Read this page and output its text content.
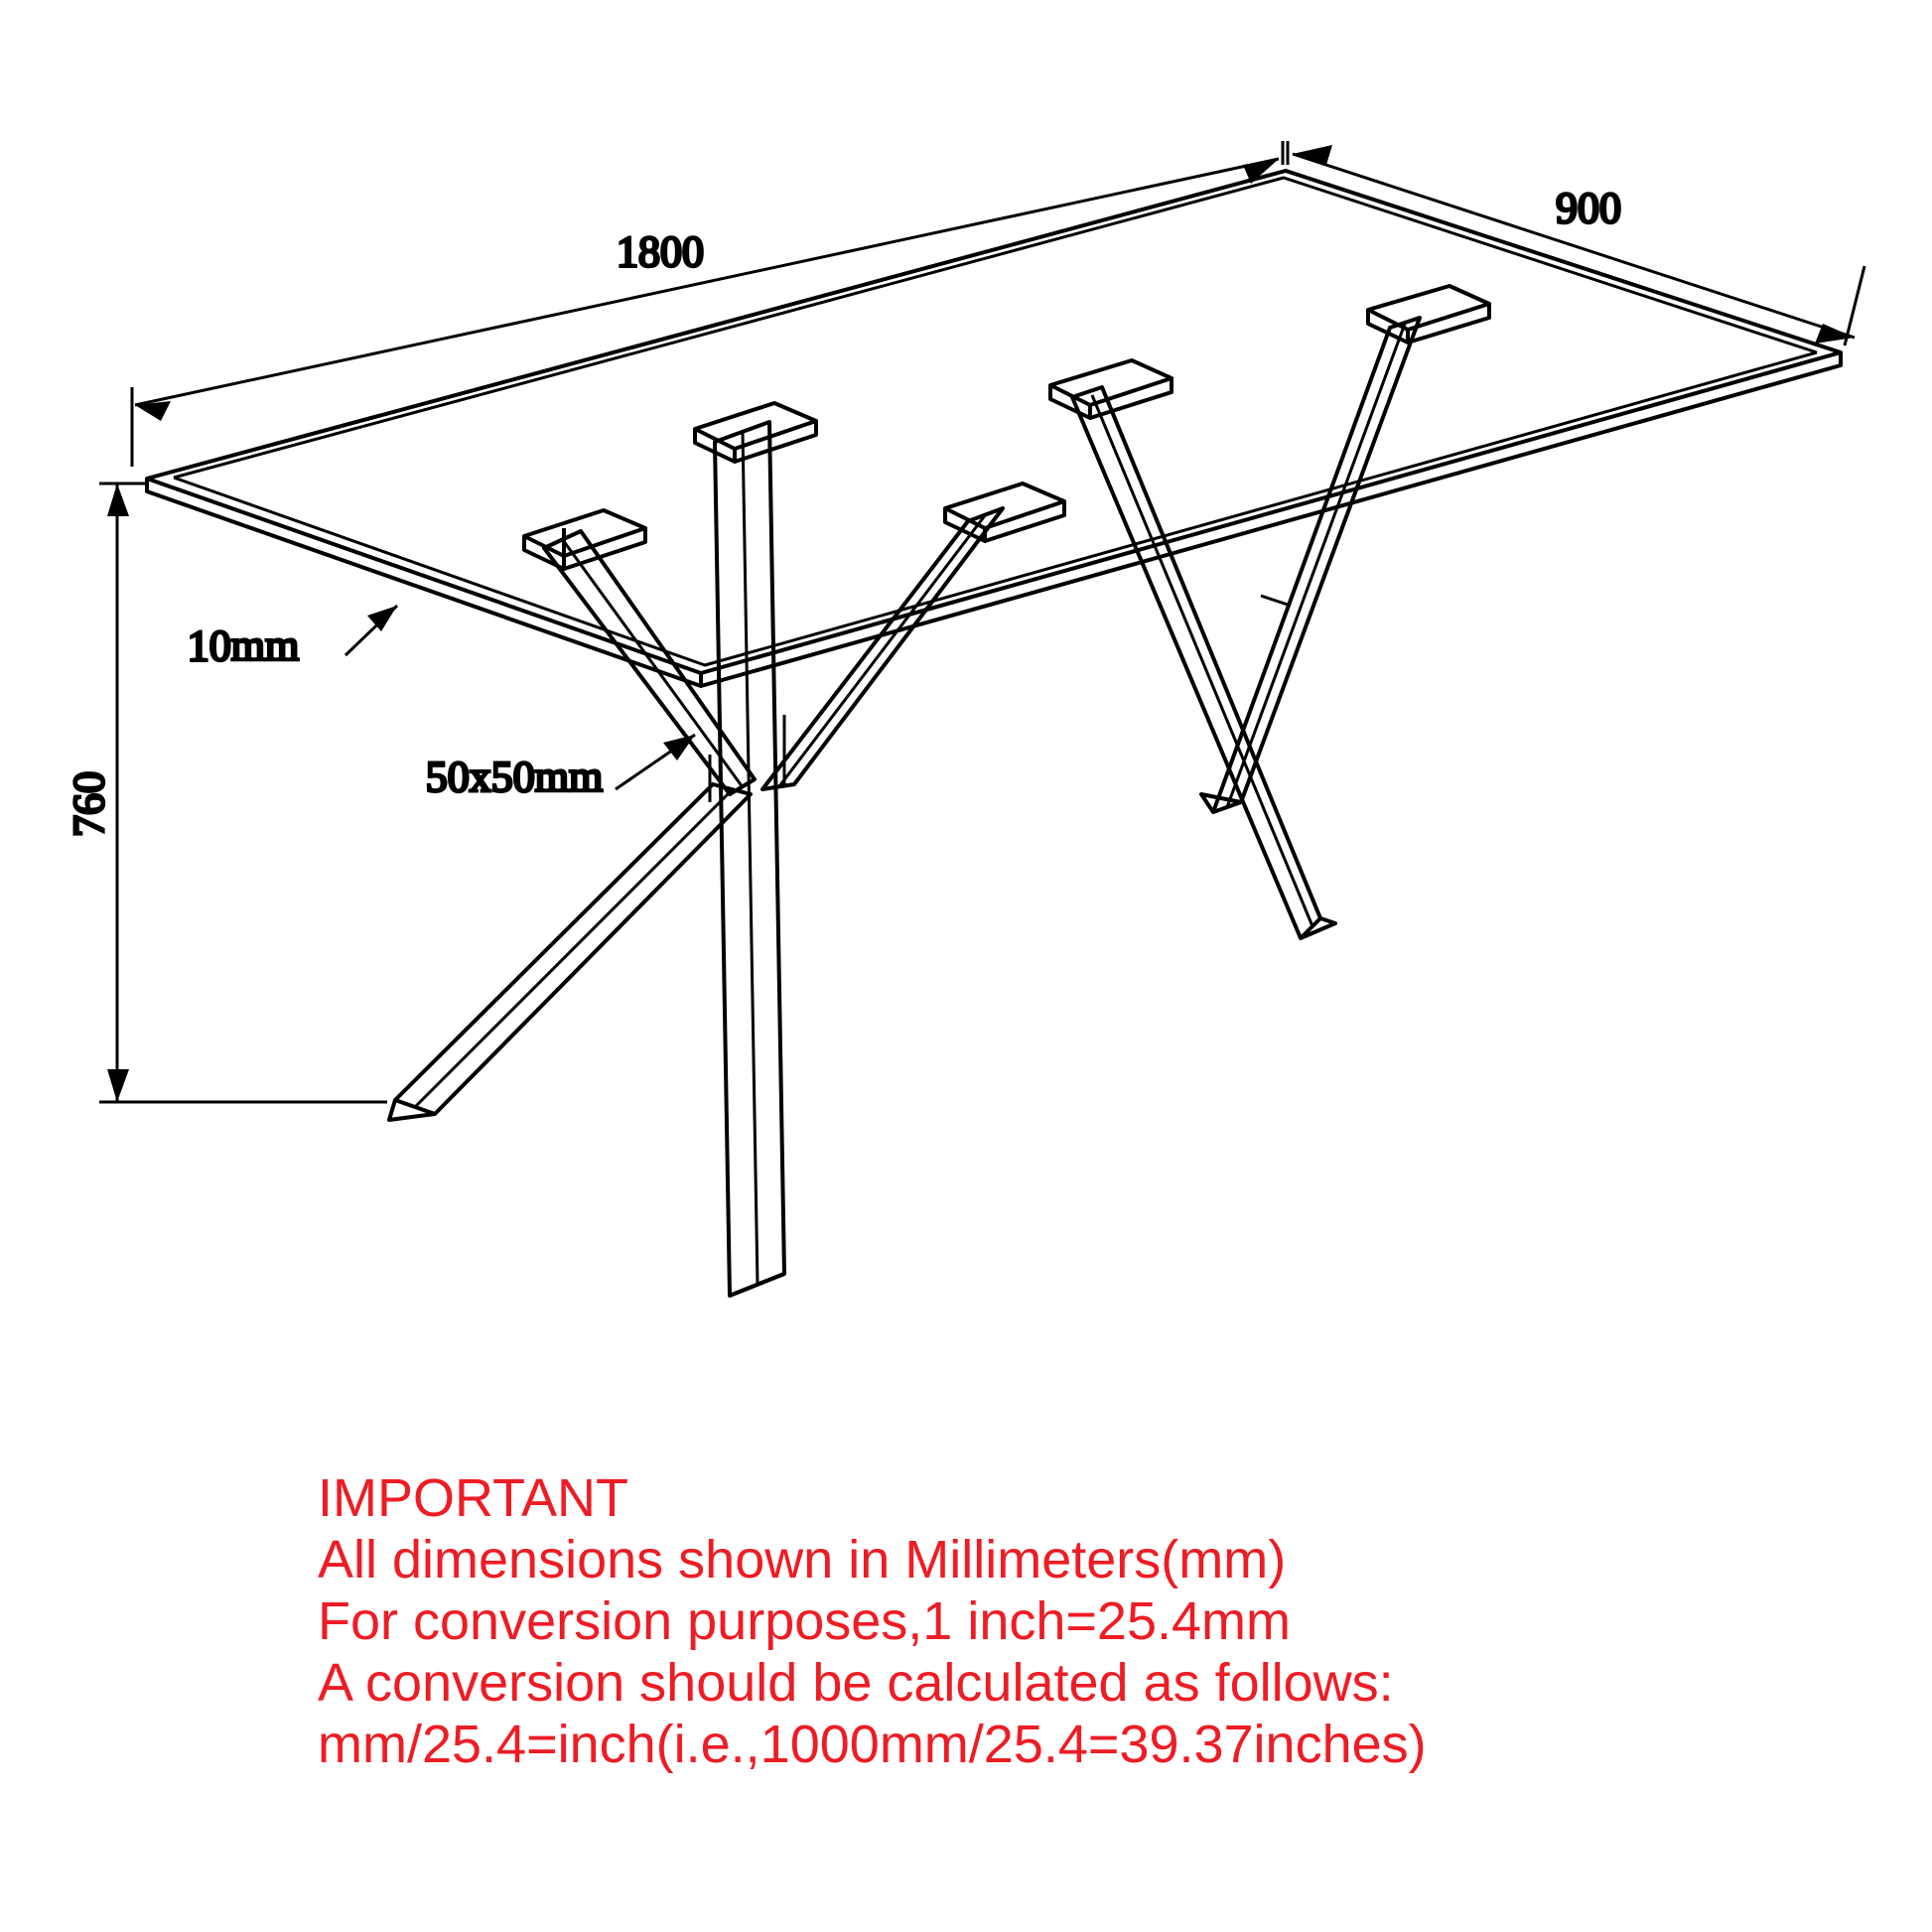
1800
900
760
10mm
50x50mm
IMPORTANT
All dimensions shown in Millimeters(mm)
For conversion purposes,1 inch=25.4mm
A conversion should be calculated as follows:
mm/25.4=inch(i.e.,1000mm/25.4=39.37inches)
